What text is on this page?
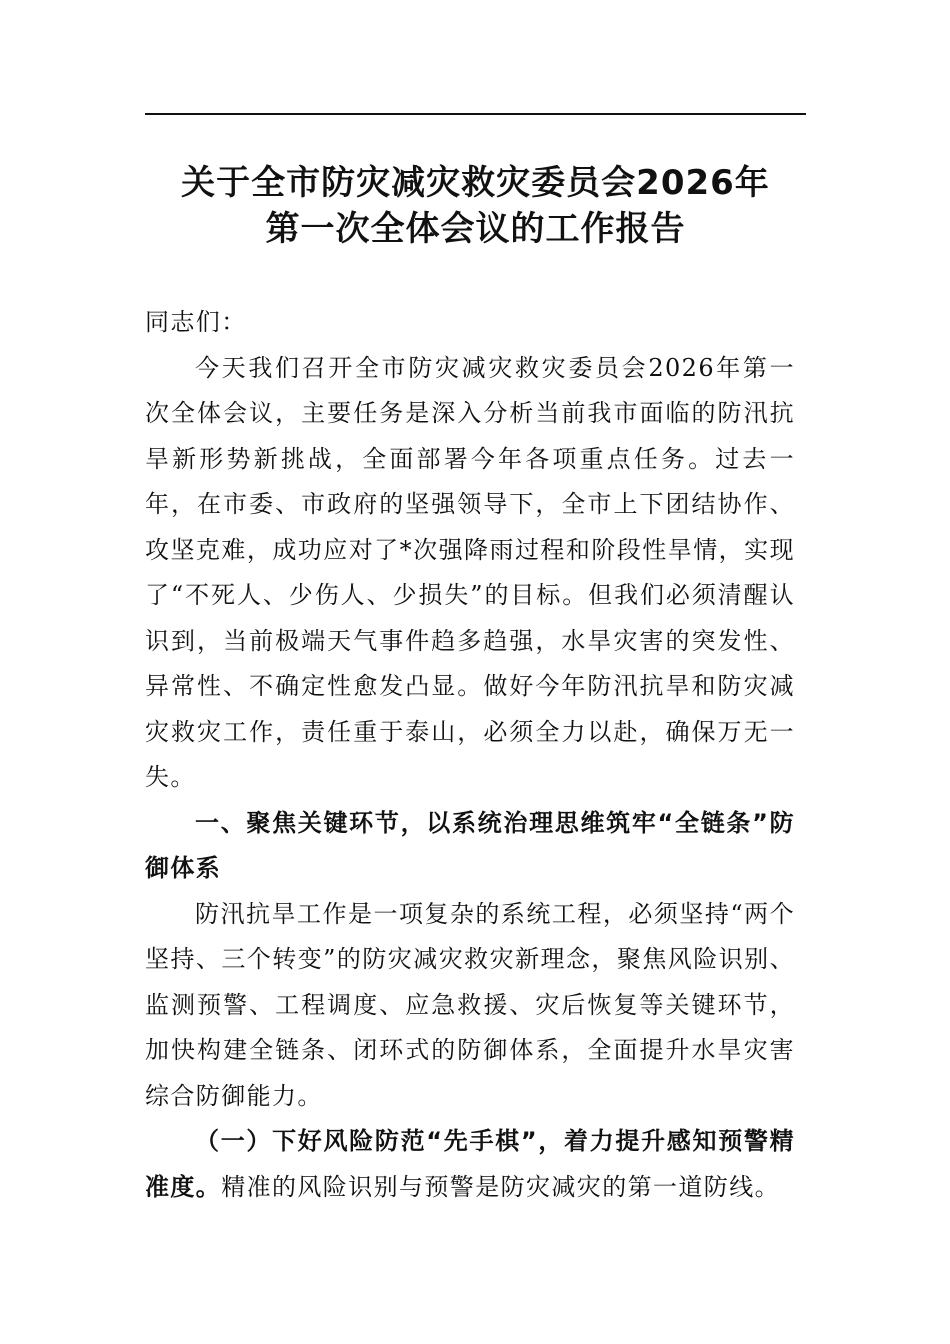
关于全市防灾减灾救灾委员会2026年
第一次全体会议的工作报告

同志们：

今天我们召开全市防灾减灾救灾委员会2026年第一次全体会议，主要任务是深入分析当前我市面临的防汛抗旱新形势新挑战，全面部署今年各项重点任务。过去一年，在市委、市政府的坚强领导下，全市上下团结协作、攻坚克难，成功应对了*次强降雨过程和阶段性旱情，实现了“不死人、少伤人、少损失”的目标。但我们必须清醒认识到，当前极端天气事件趋多趋强，水旱灾害的突发性、异常性、不确定性愈发凸显。做好今年防汛抗旱和防灾减灾救灾工作，责任重于泰山，必须全力以赴，确保万无一失。

一、聚焦关键环节，以系统治理思维筑牢“全链条”防御体系

防汛抗旱工作是一项复杂的系统工程，必须坚持“两个坚持、三个转变”的防灾减灾救灾新理念，聚焦风险识别、监测预警、工程调度、应急救援、灾后恢复等关键环节，加快构建全链条、闭环式的防御体系，全面提升水旱灾害综合防御能力。

（一）下好风险防范“先手棋”，着力提升感知预警精准度。精准的风险识别与预警是防灾减灾的第一道防线。
